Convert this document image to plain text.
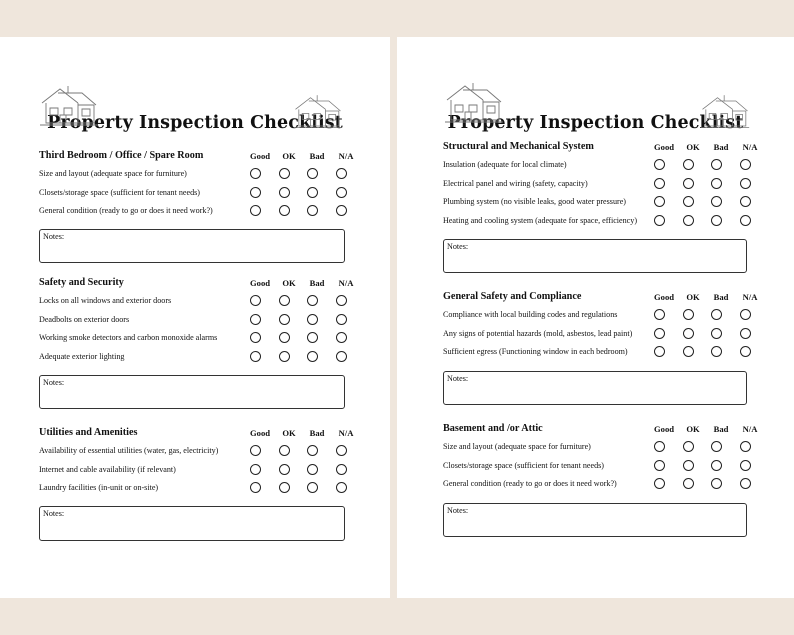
Property Inspection Checklist
Third Bedroom / Office / Spare Room	Good	OK	Bad	N/A
Size and layout (adequate space for furniture)
Closets/storage space (sufficient for tenant needs)
General condition (ready to go or does it need work?)
Notes:
Safety and Security	Good	OK	Bad	N/A
Locks on all windows and exterior doors
Deadbolts on exterior doors
Working smoke detectors and carbon monoxide alarms
Adequate exterior lighting
Notes:
Utilities and Amenities	Good	OK	Bad	N/A
Availability of essential utilities (water, gas, electricity)
Internet and cable availability (if relevant)
Laundry facilities (in-unit or on-site)
Notes:
Property Inspection Checklist
Structural and Mechanical System	Good	OK	Bad	N/A
Insulation (adequate for local climate)
Electrical panel and wiring (safety, capacity)
Plumbing system (no visible leaks, good water pressure)
Heating and cooling system (adequate for space, efficiency)
Notes:
General Safety and Compliance	Good	OK	Bad	N/A
Compliance with local building codes and regulations
Any signs of potential hazards (mold, asbestos, lead paint)
Sufficient egress (Functioning window in each bedroom)
Notes:
Basement and /or Attic	Good	OK	Bad	N/A
Size and layout (adequate space for furniture)
Closets/storage space (sufficient for tenant needs)
General condition (ready to go or does it need work?)
Notes:
